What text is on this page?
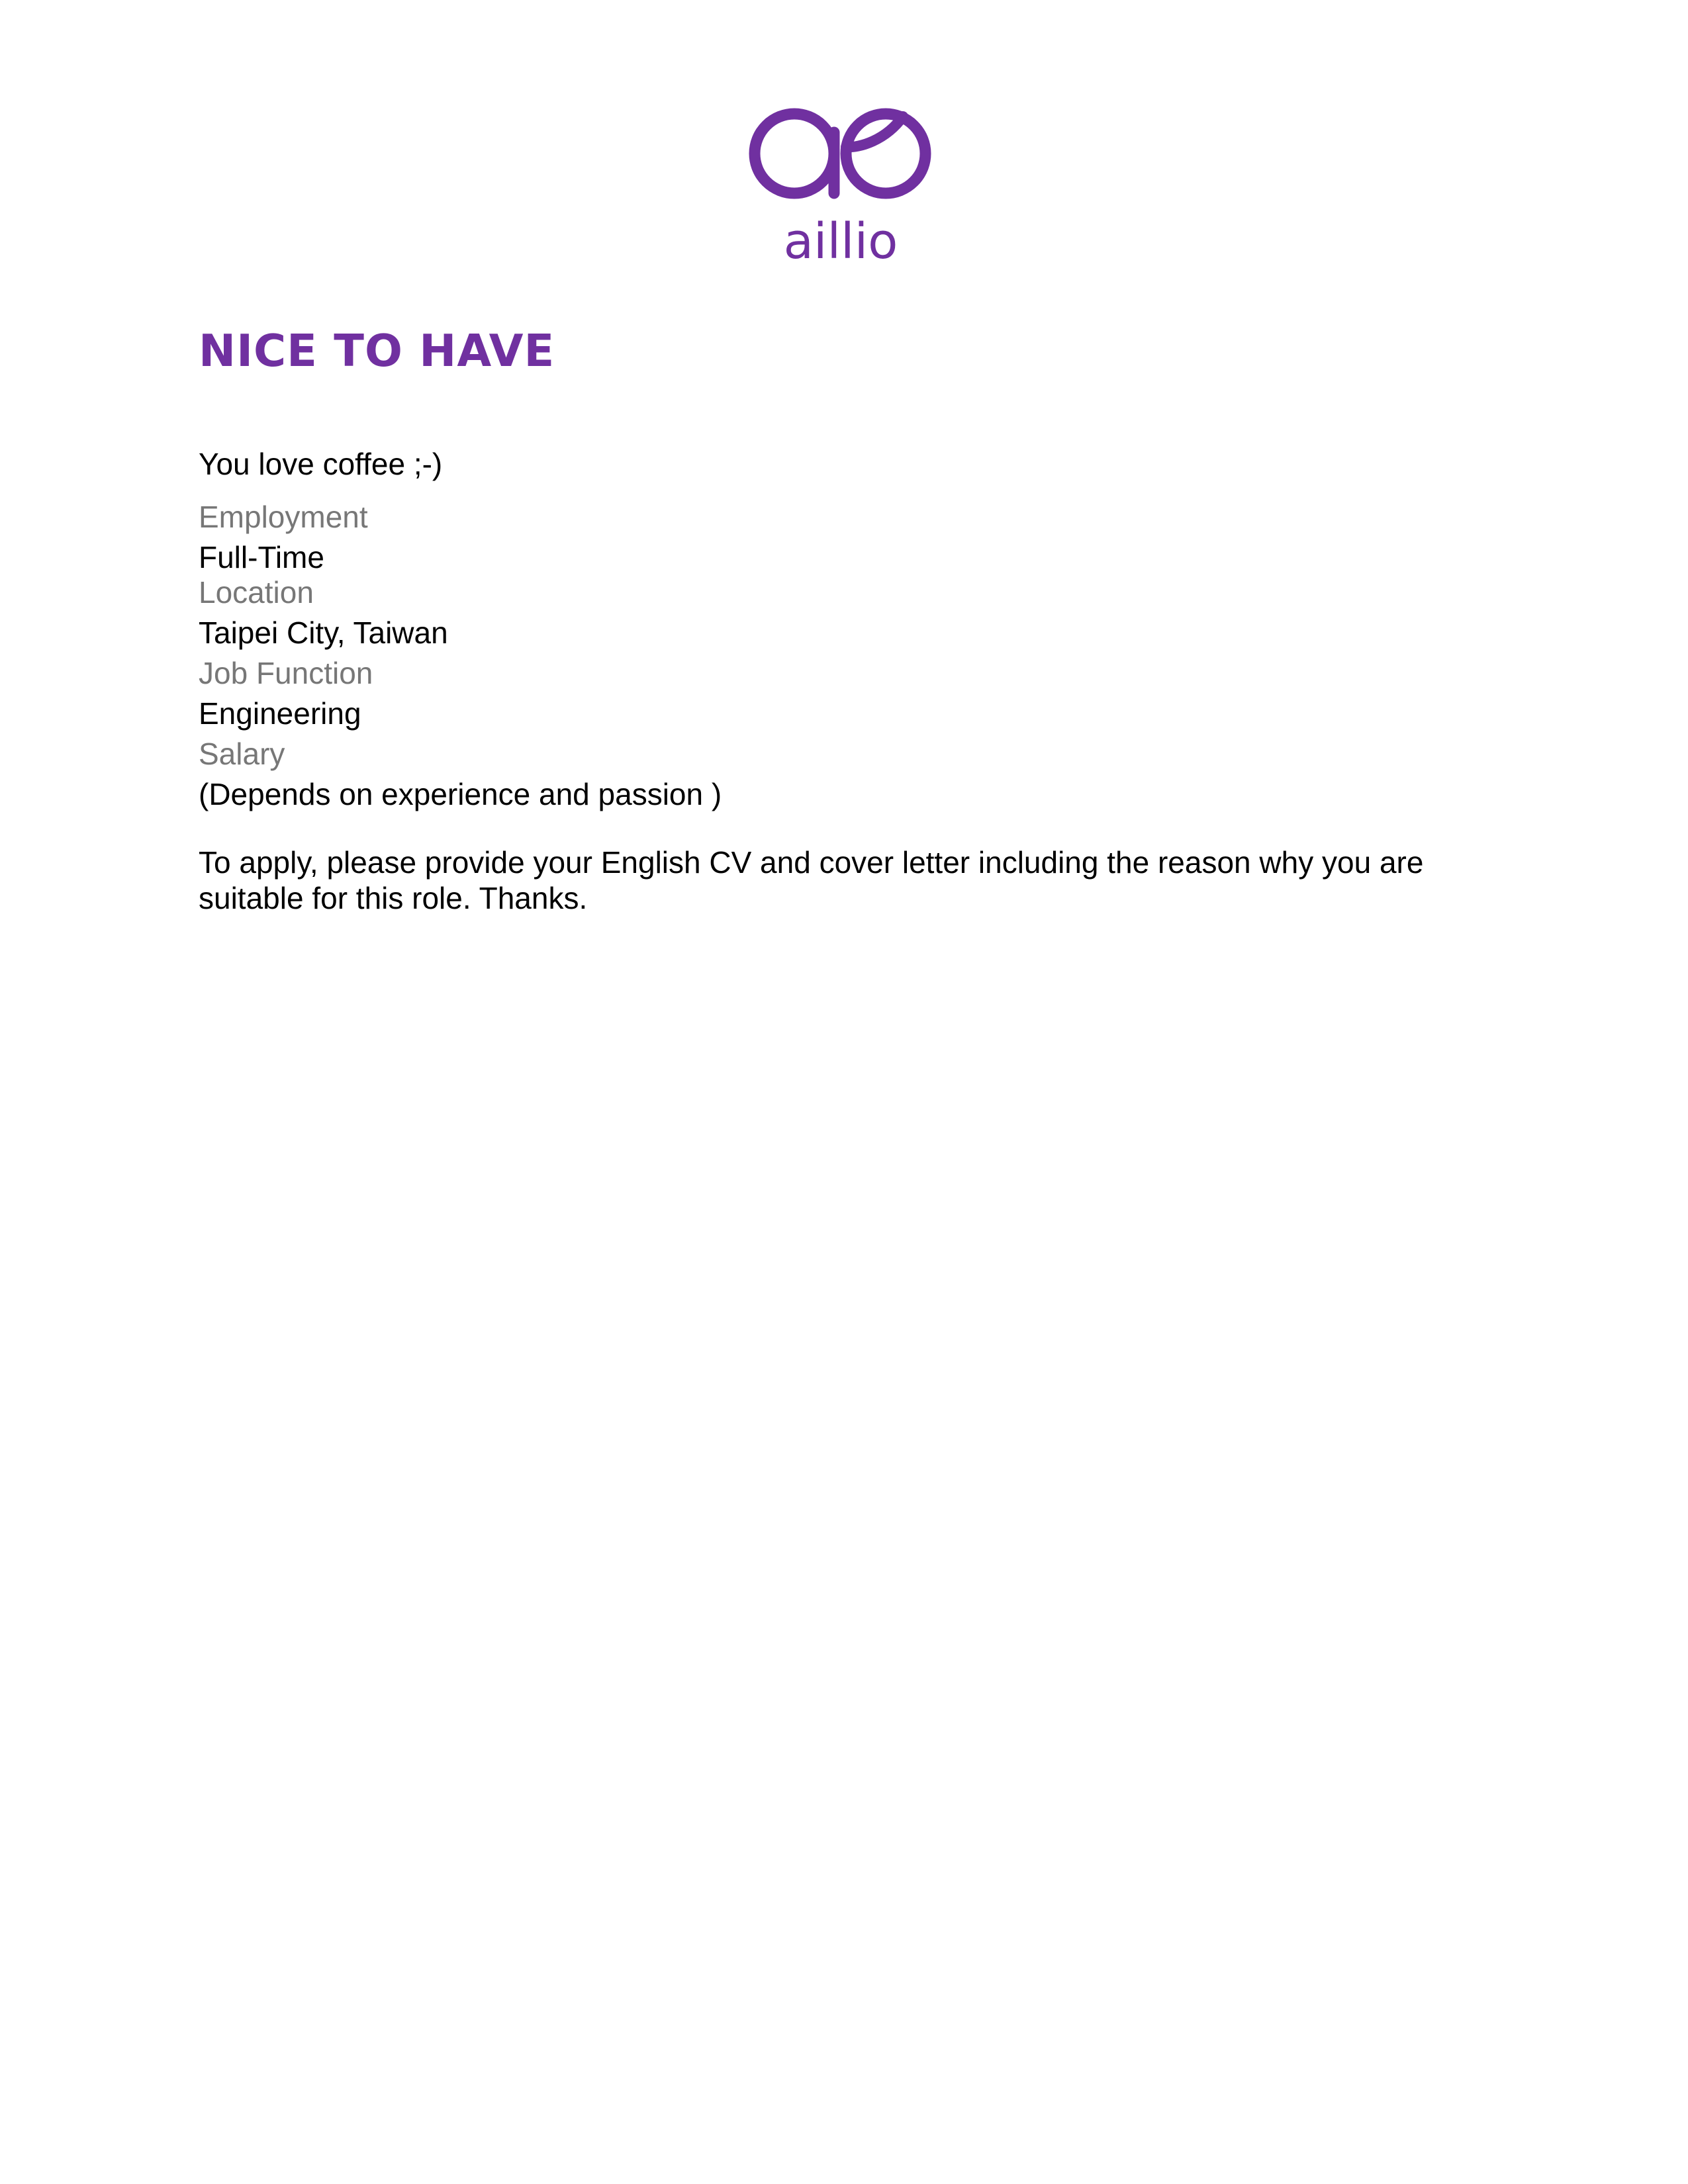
aillio
NICE TO HAVE

You love coffee ;-)

Employment

Full-Time

Location

Taipei City, Taiwan

Job Function

Engineering

Salary

(Depends on experience and passion )

To apply, please provide your English CV and cover letter including the reason why you are suitable for this role. Thanks.
